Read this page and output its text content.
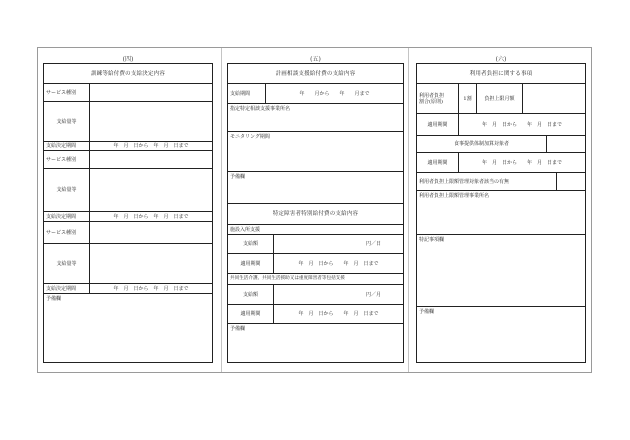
(四)
訓練等給付費の支給決定内容
サービス種別
支給量等
支給決定期間	年　月　日から　年　月　日まで
サービス種別
支給量等
支給決定期間	年　月　日から　年　月　日まで
サービス種別
支給量等
支給決定期間	年　月　日から　年　月　日まで
予備欄
(五)
計画相談支援給付費の支給内容
支給期間	年　　月から　　年　　月まで
指定特定相談支援事業所名
モニタリング期間
予備欄
特定障害者特別給付費の支給内容
施設入所支援
支給額	円／日
適用期間	年　月　日から　　年　月　日まで
共同生活介護、共同生活援助又は重度障害者等包括支援
支給額	円／月
適用期間	年　月　日から　　年　月　日まで
予備欄
(六)
利用者負担に関する事項
利用者負担
割合(原則)	1割	負担上限月額
適用期間	年　月　日から　　年　月　日まで
食事提供体制加算対象者
適用期間	年　月　日から　　年　月　日まで
利用者負担上限額管理対象者該当の有無
利用者負担上限額管理事業所名
特記事項欄
予備欄
